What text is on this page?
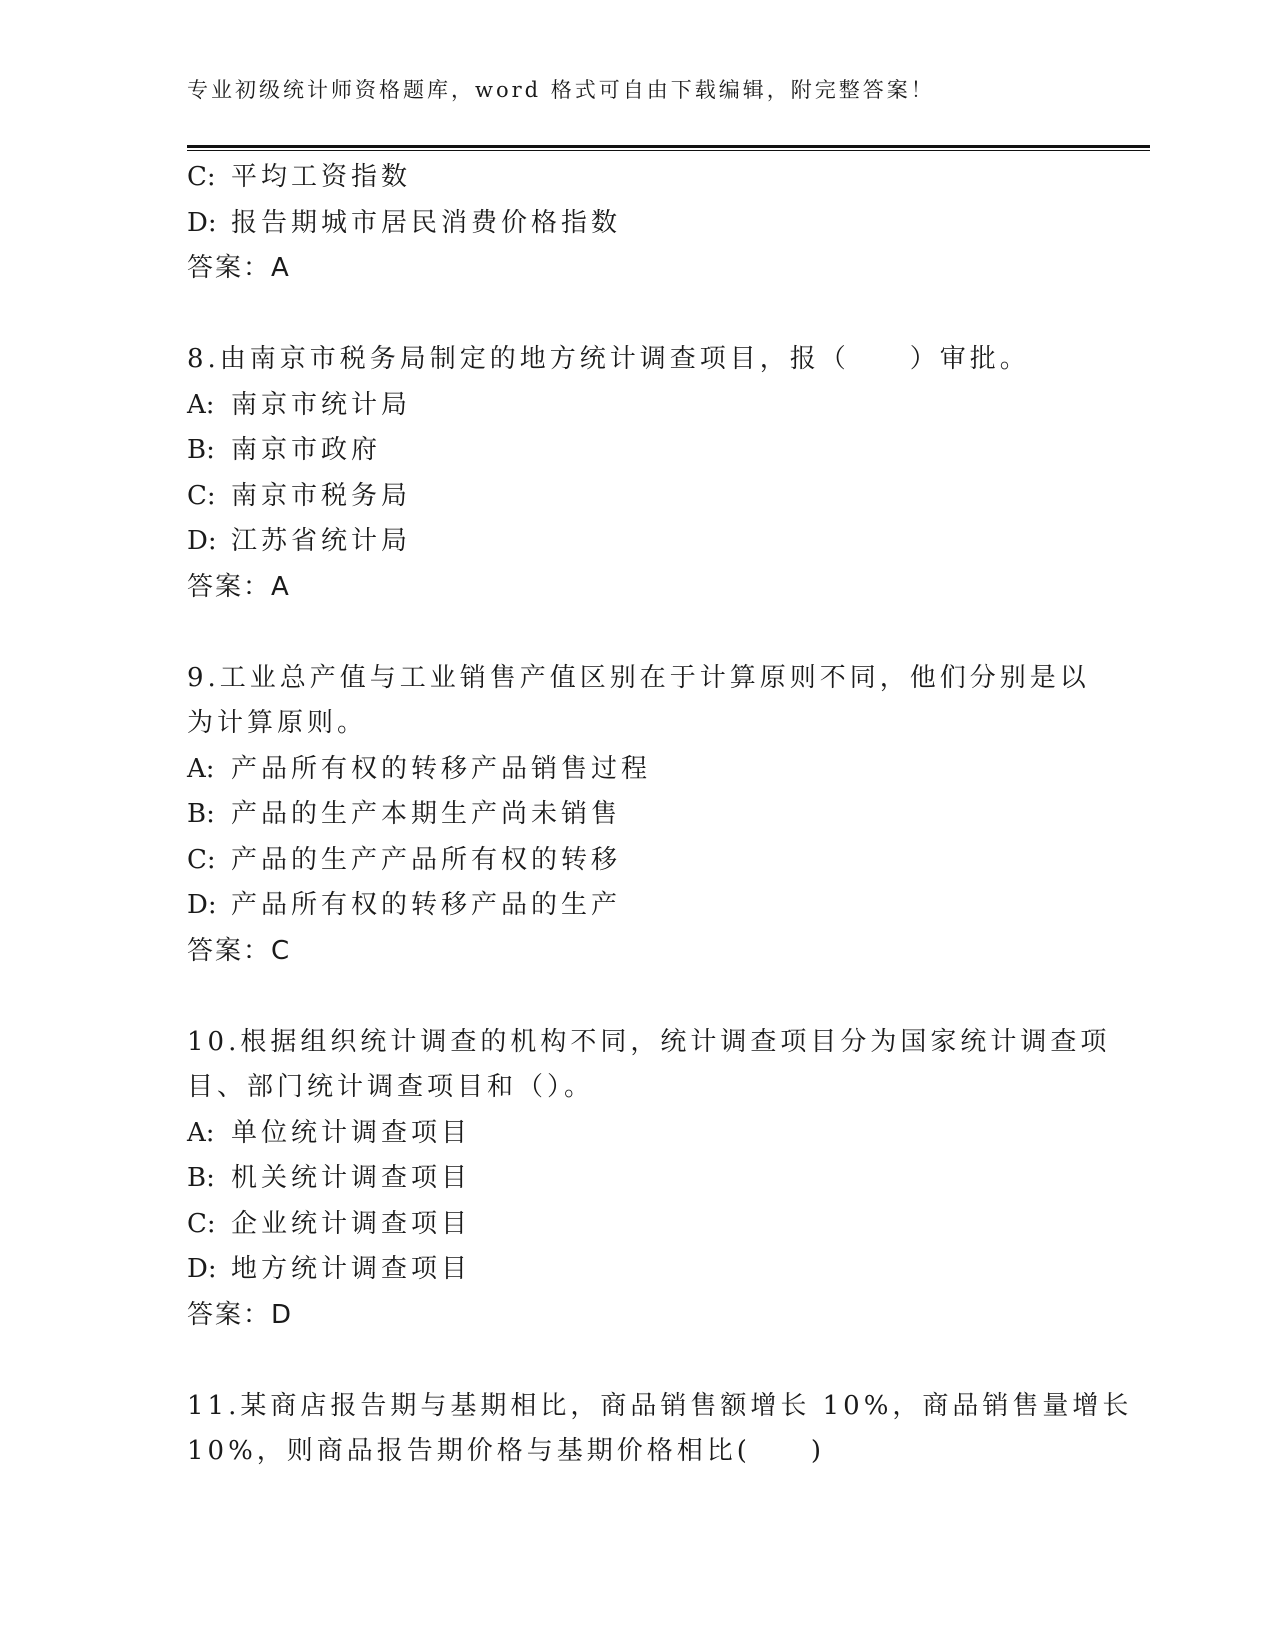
专业初级统计师资格题库，word 格式可自由下载编辑，附完整答案！
C: 平均工资指数
D: 报告期城市居民消费价格指数
答案：A
8.由南京市税务局制定的地方统计调查项目，报（　　）审批。
A: 南京市统计局
B: 南京市政府
C: 南京市税务局
D: 江苏省统计局
答案：A
9.工业总产值与工业销售产值区别在于计算原则不同，他们分别是以
为计算原则。
A: 产品所有权的转移产品销售过程
B: 产品的生产本期生产尚未销售
C: 产品的生产产品所有权的转移
D: 产品所有权的转移产品的生产
答案：C
10.根据组织统计调查的机构不同，统计调查项目分为国家统计调查项
目、部门统计调查项目和（）。
A: 单位统计调查项目
B: 机关统计调查项目
C: 企业统计调查项目
D: 地方统计调查项目
答案：D
11.某商店报告期与基期相比，商品销售额增长 10%，商品销售量增长
10%，则商品报告期价格与基期价格相比(　　)
